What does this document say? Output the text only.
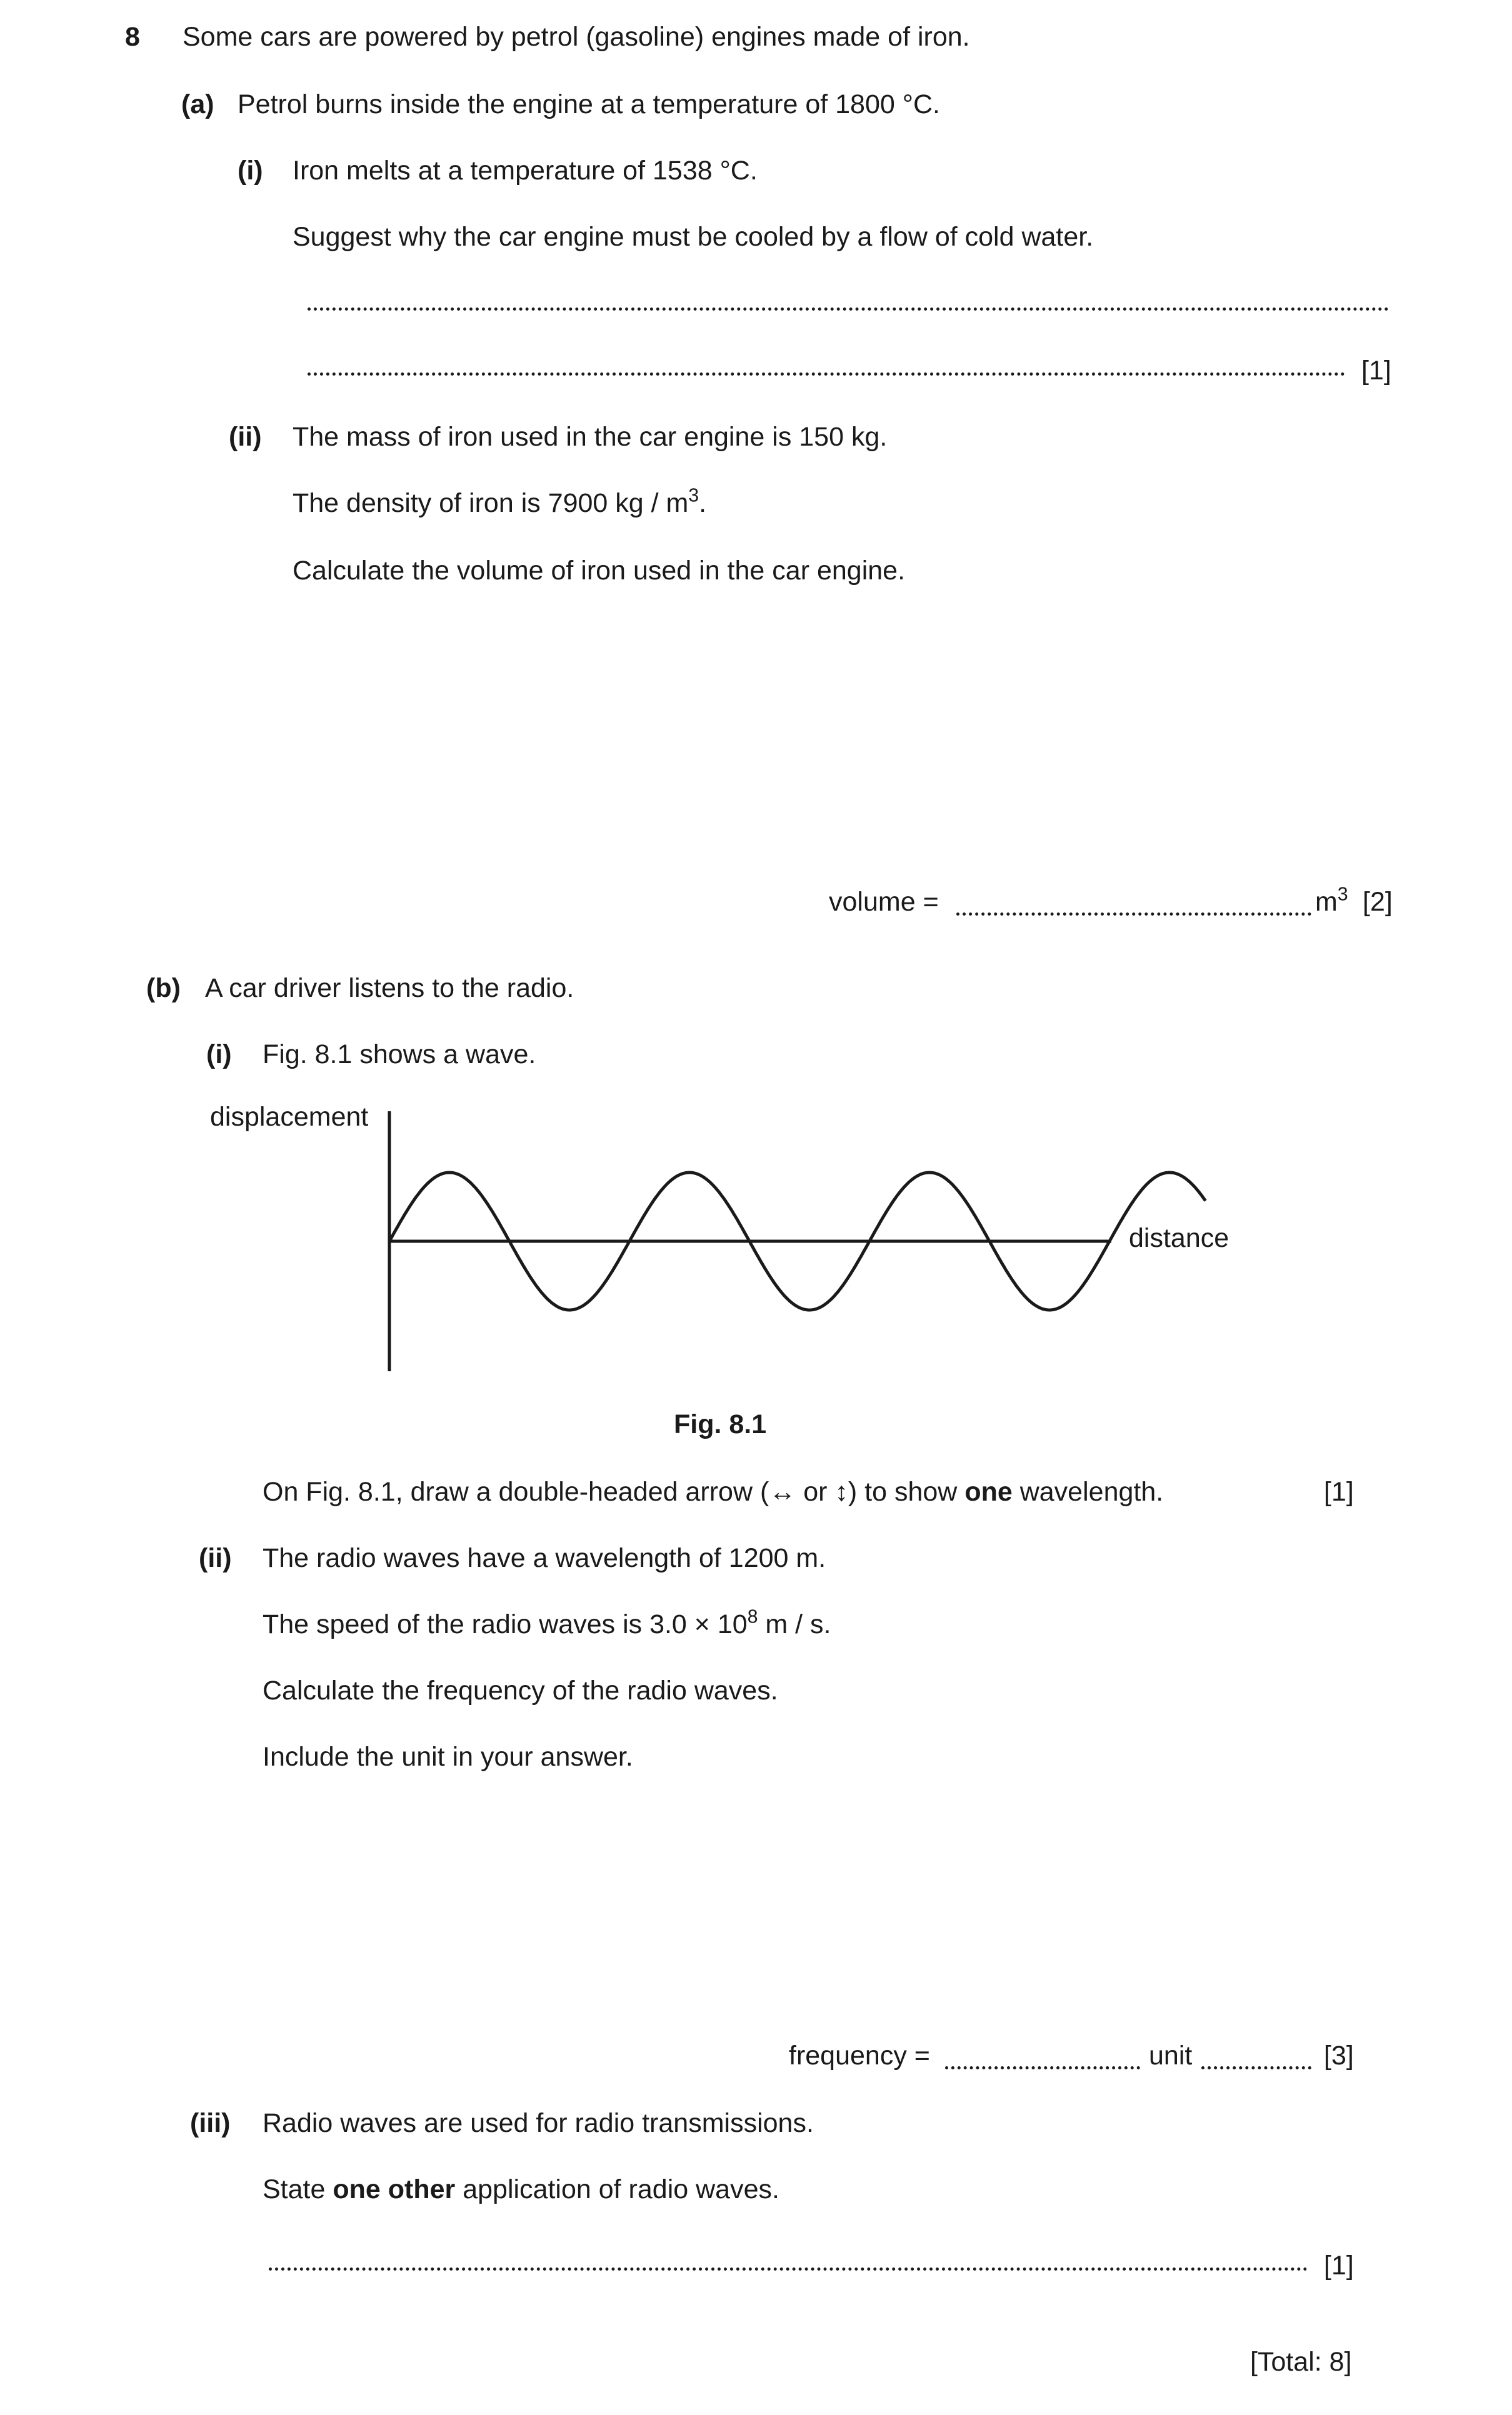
8 Some cars are powered by petrol (gasoline) engines made of iron.
(a) Petrol burns inside the engine at a temperature of 1800 °C.
(i) Iron melts at a temperature of 1538 °C.
Suggest why the car engine must be cooled by a flow of cold water.
[1]
(ii) The mass of iron used in the car engine is 150 kg.
The density of iron is 7900 kg / $m^3$.
Calculate the volume of iron used in the car engine.
volume =	$m^3$ [2]
(b) A car driver listens to the radio.
(i) Fig. 8.1 shows a wave.
displacement
distance
Fig. 8.1
On Fig. 8.1, draw a double-headed arrow (↔ or ↕) to show one wavelength.	[1]
(ii) The radio waves have a wavelength of 1200 m.
The speed of the radio waves is $3.0 \times 10^8$ m / s.
Calculate the frequency of the radio waves.
Include the unit in your answer.
frequency =	unit	[3]
(iii) Radio waves are used for radio transmissions.
State one other application of radio waves.
[1]
[Total: 8]
